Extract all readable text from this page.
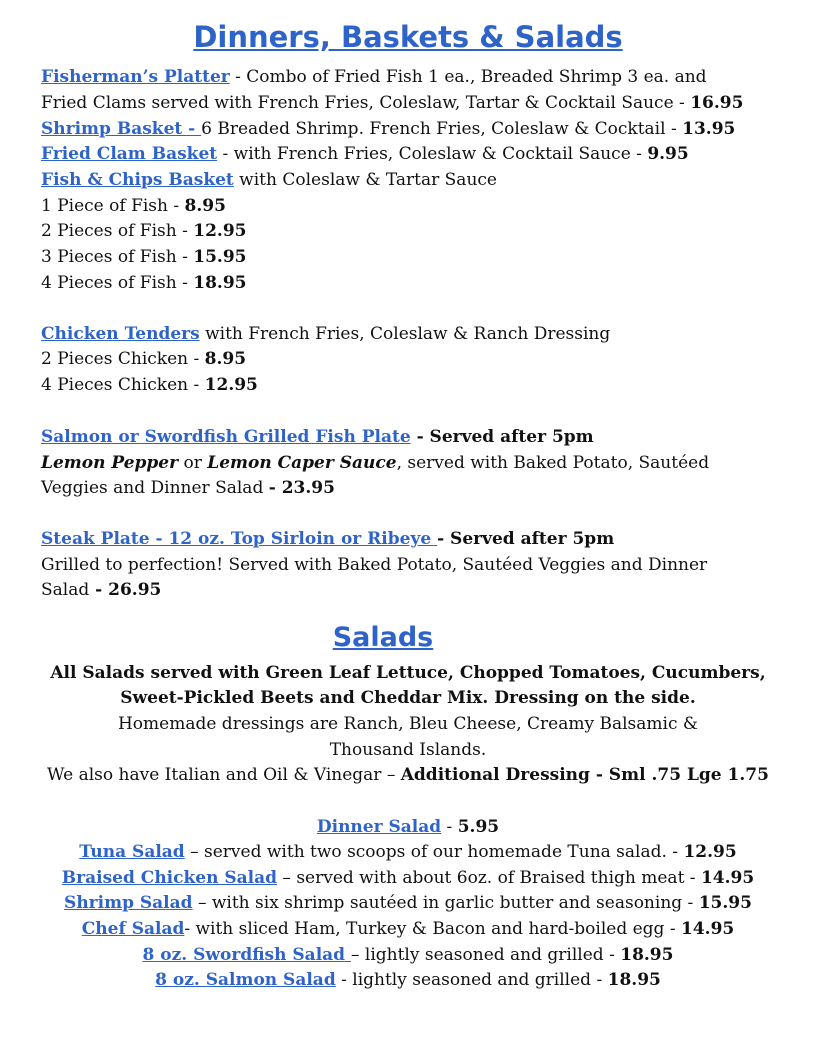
Dinners, Baskets & Salads
Fisherman’s Platter - Combo of Fried Fish 1 ea., Breaded Shrimp 3 ea. and
Fried Clams served with French Fries, Coleslaw, Tartar & Cocktail Sauce - 16.95
Shrimp Basket - 6 Breaded Shrimp. French Fries, Coleslaw & Cocktail - 13.95
Fried Clam Basket - with French Fries, Coleslaw & Cocktail Sauce - 9.95
Fish & Chips Basket with Coleslaw & Tartar Sauce
1 Piece of Fish - 8.95
2 Pieces of Fish - 12.95
3 Pieces of Fish - 15.95
4 Pieces of Fish - 18.95
Chicken Tenders with French Fries, Coleslaw & Ranch Dressing
2 Pieces Chicken - 8.95
4 Pieces Chicken - 12.95
Salmon or Swordfish Grilled Fish Plate - Served after 5pm
Lemon Pepper or Lemon Caper Sauce, served with Baked Potato, Sautéed
Veggies and Dinner Salad - 23.95
Steak Plate - 12 oz. Top Sirloin or Ribeye - Served after 5pm
Grilled to perfection! Served with Baked Potato, Sautéed Veggies and Dinner
Salad - 26.95
Salads
All Salads served with Green Leaf Lettuce, Chopped Tomatoes, Cucumbers,
Sweet-Pickled Beets and Cheddar Mix. Dressing on the side.
Homemade dressings are Ranch, Bleu Cheese, Creamy Balsamic &
Thousand Islands.
We also have Italian and Oil & Vinegar – Additional Dressing - Sml .75 Lge 1.75
Dinner Salad - 5.95
Tuna Salad – served with two scoops of our homemade Tuna salad. - 12.95
Braised Chicken Salad – served with about 6oz. of Braised thigh meat - 14.95
Shrimp Salad – with six shrimp sautéed in garlic butter and seasoning - 15.95
Chef Salad- with sliced Ham, Turkey & Bacon and hard-boiled egg - 14.95
8 oz. Swordfish Salad – lightly seasoned and grilled - 18.95
8 oz. Salmon Salad - lightly seasoned and grilled - 18.95
